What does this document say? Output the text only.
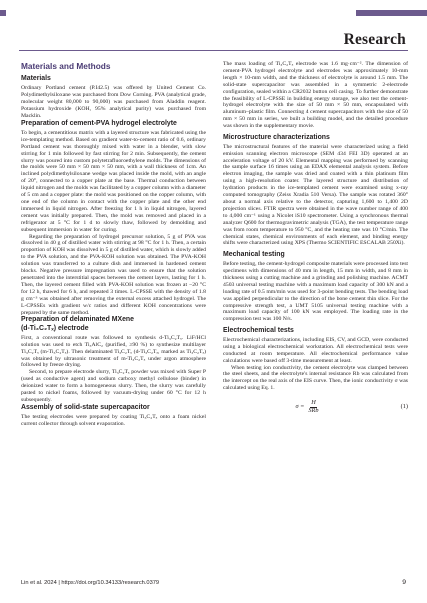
Research
Materials and Methods
Materials

Ordinary Portland cement (P.I42.5) was offered by United Cement Co. Polydimethylsiloxane was purchased from Dow Corning. PVA (analytical grade, molecular weight 80,000 to 90,000) was purchased from Aladdin reagent. Potassium hydroxide (KOH, 95% analytical purity) was purchased from Macklin.

Preparation of cement-PVA hydrogel electrolyte

To begin, a cementitious matrix with a layered structure was fabricated using the ice-templating method. Based on gradient water-to-cement ratio of 0.6, ordinary Portland cement was thoroughly mixed with water in a blender, with slow stirring for 1 min followed by fast stirring for 2 min. Subsequently, the cement slurry was poured into custom polytetrafluoroethylene molds. The dimensions of the molds were 50 mm × 50 mm × 50 mm, with a wall thickness of 1cm. An inclined polydimethylsiloxane wedge was placed inside the mold, with an angle of 20°, connected to a copper plate at the base. Thermal conduction between liquid nitrogen and the molds was facilitated by a copper column with a diameter of 5 cm and a copper plate: the mold was positioned on the copper column, with one end of the column in contact with the copper plate and the other end immersed in liquid nitrogen. After freezing for 1 h in liquid nitrogen, layered cement was initially prepared. Then, the mold was removed and placed in a refrigerator at 5 °C for 1 d to slowly thaw, followed by demolding and subsequent immersion in water for curing.

Regarding the preparation of hydrogel precursor solution, 5 g of PVA was dissolved in 40 g of distilled water with stirring at 98 °C for 1 h. Then, a certain proportion of KOH was dissolved in 5 g of distilled water, which is slowly added to the PVA solution, and the PVA-KOH solution was obtained. The PVA-KOH solution was transferred to a culture dish and immersed in hardened cement blocks. Negative pressure impregnation was used to ensure that the solution penetrated into the interstitial spaces between the cement layers, lasting for 1 h. Then, the layered cement filled with PVA-KOH solution was frozen at −20 °C for 12 h, thawed for 6 h, and repeated 3 times. L-CPSSE with the density of 1.8 g cm⁻³ was obtained after removing the external excess attached hydrogel. The L-CPSSEs with gradient w/c ratios and different KOH concentrations were prepared by the same method.

Preparation of delaminated MXene
(d-Ti₃C₂Tₓ) electrode

First, a conventional route was followed to synthesis d-Ti₃C₂Tₓ. LiF/HCl solution was used to etch Ti₃AlC₂ (purified, ≥90 %) to synthesize multilayer Ti₃C₂Tₓ (m-Ti₃C₂Tₓ). Then delaminated Ti₃C₂Tₓ (d-Ti₃C₂Tₓ, marked as Ti₃C₂Tₓ) was obtained by ultrasonic treatment of m-Ti₃C₂Tₓ under argon atmosphere followed by freeze drying.

Second, to prepare electrode slurry, Ti₃C₂Tₓ powder was mixed with Super P (used as conductive agent) and sodium carboxy methyl cellulose (binder) in deionized water to form a homogeneous slurry. Then, the slurry was carefully pasted to nickel foams, followed by vacuum-drying under 60 °C for 12 h subsequently.

Assembly of solid-state supercapacitor

The testing electrodes were prepared by coating Ti₃C₂Tₓ onto a foam nickel current collector through solvent evaporation.

The mass loading of Ti₃C₂Tₓ electrode was 1.6 mg·cm⁻². The dimension of cement-PVA hydrogel electrolyte and electrodes was approximately 10-mm length × 10-mm width, and the thickness of electrolyte is around 1.5 mm. The solid-state supercapacitor was assembled in a symmetric 2-electrode configuration, sealed within a CR2032 button cell casing. To further demonstrate the feasibility of L-CPSSE in building energy storage, we also test the cement-hydrogel electrolyte with the size of 50 mm × 50 mm, encapsulated with aluminum–plastic film. Connecting 4 cement supercapacitors with the size of 50 mm × 50 mm in series, we built a building model, and the detailed procedure was shown in the supplementary movie.

Microstructure characterizations

The microstructural features of the material were characterized using a field emission scanning electron microscope (SEM 434 FEI 3D) operated at an acceleration voltage of 20 kV. Elemental mapping was performed by scanning the sample surface 16 times using an EDAX elemental analysis system. Before electron imaging, the sample was dried and coated with a thin platinum film using a high-resolution coater. The layered structure and distribution of hydration products in the ice-templated cement were examined using x-ray computed tomography (Zeiss Xradia 510 Versa). The sample was rotated 360° about a normal axis relative to the detector, capturing 1,600 to 1,400 2D projection slices. FTIR spectra were obtained in the wave number range of 400 to 4,000 cm⁻¹ using a Nicolet iS10 spectrometer. Using a synchronous thermal analyzer Q600 for thermogravimetric analysis (TGA), the test temperature range was from room temperature to 950 °C, and the heating rate was 10 °C/min. The chemical states, chemical environments of each element, and binding energy shifts were characterized using XPS (Thermo SCIENTIFIC ESCALAB 250Xi).

Mechanical testing

Before testing, the cement-hydrogel composite materials were processed into test specimens with dimensions of 40 mm in length, 15 mm in width, and 8 mm in thickness using a cutting machine and a grinding and polishing machine. ACMT 4503 universal testing machine with a maximum load capacity of 300 kN and a loading rate of 0.5 mm/min was used for 3-point bending tests. The bending load was applied perpendicular to the direction of the bone cement thin slice. For the compressive strength test, a UMT 5105 universal testing machine with a maximum load capacity of 100 kN was employed. The loading rate in the compression test was 100 N/s.

Electrochemical tests

Electrochemical characterizations, including EIS, CV, and GCD, were conducted using a biological electrochemical workstation. All electrochemical tests were conducted at room temperature. All electrochemical performance value calculations were based off 3-time measurement at least.

When testing ion conductivity, the cement electrolyte was clamped between the steel sheets, and the electrolyte's internal resistance Rb was calculated from the intercept on the real axis of the EIS curve. Then, the ionic conductivity σ was calculated using Eq. 1.

$\sigma = \frac{H}{\text{SRb}}$	(1)
Lin et al. 2024 | https://doi.org/10.34133/research.0379	9
